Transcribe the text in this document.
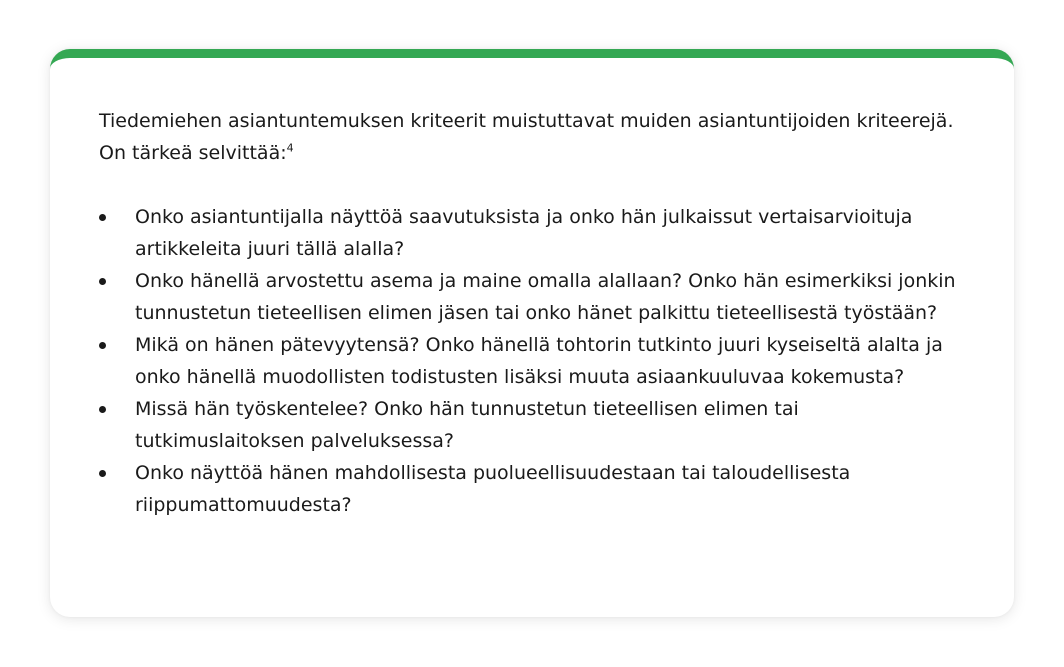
Tiedemiehen asiantuntemuksen kriteerit muistuttavat muiden asiantuntijoiden kriteerejä. On tärkeä selvittää:$^4$

Onko asiantuntijalla näyttöä saavutuksista ja onko hän julkaissut vertaisarvioituja artikkeleita juuri tällä alalla?
Onko hänellä arvostettu asema ja maine omalla alallaan? Onko hän esimerkiksi jonkin tunnustetun tieteellisen elimen jäsen tai onko hänet palkittu tieteellisestä työstään?
Mikä on hänen pätevyytensä? Onko hänellä tohtorin tutkinto juuri kyseiseltä alalta ja onko hänellä muodollisten todistusten lisäksi muuta asiaankuuluvaa kokemusta?
Missä hän työskentelee? Onko hän tunnustetun tieteellisen elimen tai tutkimuslaitoksen palveluksessa?
Onko näyttöä hänen mahdollisesta puolueellisuudestaan tai taloudellisesta riippumattomuudesta?
